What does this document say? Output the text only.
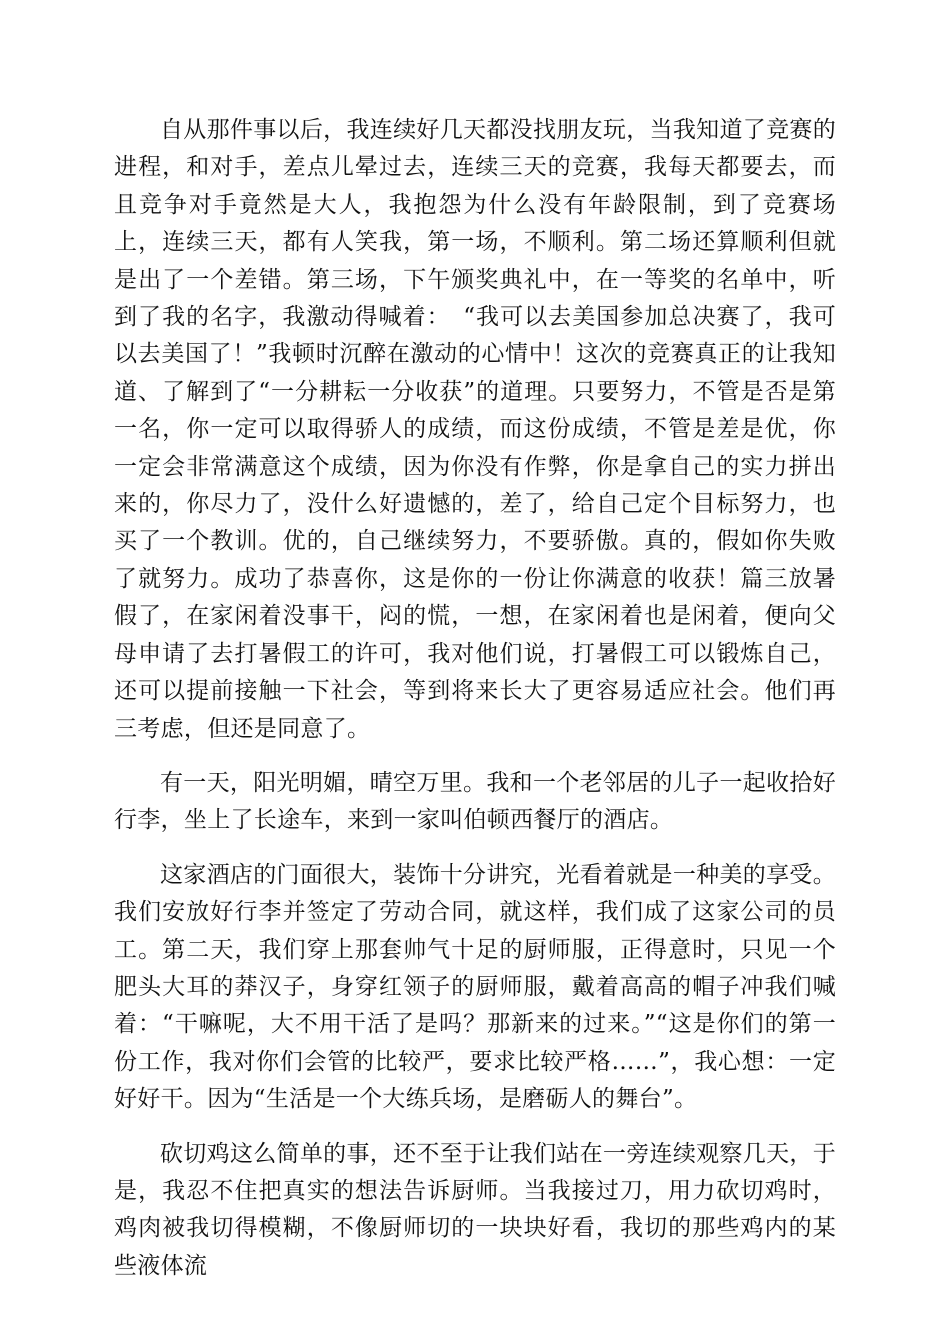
自从那件事以后，我连续好几天都没找朋友玩，当我知道了竞赛的进程，和对手，差点儿晕过去，连续三天的竞赛，我每天都要去，而且竞争对手竟然是大人，我抱怨为什么没有年龄限制，到了竞赛场上，连续三天，都有人笑我，第一场，不顺利。第二场还算顺利但就是出了一个差错。第三场，下午颁奖典礼中，在一等奖的名单中，听到了我的名字，我激动得喊着：　“我可以去美国参加总决赛了，我可以去美国了！”我顿时沉醉在激动的心情中！这次的竞赛真正的让我知道、了解到了“一分耕耘一分收获”的道理。只要努力，不管是否是第一名，你一定可以取得骄人的成绩，而这份成绩，不管是差是优，你一定会非常满意这个成绩，因为你没有作弊，你是拿自己的实力拼出来的，你尽力了，没什么好遗憾的，差了，给自己定个目标努力，也买了一个教训。优的，自己继续努力，不要骄傲。真的，假如你失败了就努力。成功了恭喜你，这是你的一份让你满意的收获！篇三放暑假了，在家闲着没事干，闷的慌，一想，在家闲着也是闲着，便向父母申请了去打暑假工的许可，我对他们说，打暑假工可以锻炼自己，还可以提前接触一下社会，等到将来长大了更容易适应社会。他们再三考虑，但还是同意了。

有一天，阳光明媚，晴空万里。我和一个老邻居的儿子一起收拾好行李，坐上了长途车，来到一家叫伯顿西餐厅的酒店。

这家酒店的门面很大，装饰十分讲究，光看着就是一种美的享受。我们安放好行李并签定了劳动合同，就这样，我们成了这家公司的员工。第二天，我们穿上那套帅气十足的厨师服，正得意时，只见一个肥头大耳的莽汉子，身穿红领子的厨师服，戴着高高的帽子冲我们喊着：“干嘛呢，大不用干活了是吗？那新来的过来。”“这是你们的第一份工作，我对你们会管的比较严，要求比较严格……”，我心想：一定好好干。因为“生活是一个大练兵场，是磨砺人的舞台”。

砍切鸡这么简单的事，还不至于让我们站在一旁连续观察几天，于是，我忍不住把真实的想法告诉厨师。当我接过刀，用力砍切鸡时，鸡肉被我切得模糊，不像厨师切的一块块好看，我切的那些鸡内的某些液体流
